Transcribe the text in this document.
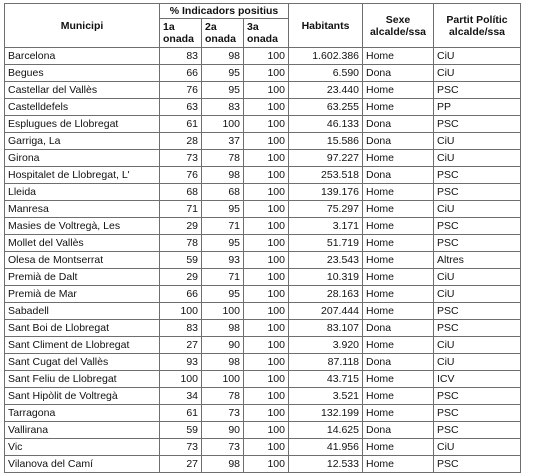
Municipi	% Indicadors positius			Habitants	Sexe alcalde/ssa	Partit Polític alcalde/ssa
	1a onada	2a onada	3a onada			
Barcelona	83	98	100	1.602.386	Home	CiU
Begues	66	95	100	6.590	Dona	CiU
Castellar del Vallès	76	95	100	23.440	Home	PSC
Castelldefels	63	83	100	63.255	Home	PP
Esplugues de Llobregat	61	100	100	46.133	Dona	PSC
Garriga, La	28	37	100	15.586	Dona	CiU
Girona	73	78	100	97.227	Home	CiU
Hospitalet de Llobregat, L'	76	98	100	253.518	Dona	PSC
Lleida	68	68	100	139.176	Home	PSC
Manresa	71	95	100	75.297	Home	CiU
Masies de Voltregà, Les	29	71	100	3.171	Home	PSC
Mollet del Vallès	78	95	100	51.719	Home	PSC
Olesa de Montserrat	59	93	100	23.543	Home	Altres
Premià de Dalt	29	71	100	10.319	Home	CiU
Premià de Mar	66	95	100	28.163	Home	CiU
Sabadell	100	100	100	207.444	Home	PSC
Sant Boi de Llobregat	83	98	100	83.107	Dona	PSC
Sant Climent de Llobregat	27	90	100	3.920	Home	CiU
Sant Cugat del Vallès	93	98	100	87.118	Dona	CiU
Sant Feliu de Llobregat	100	100	100	43.715	Home	ICV
Sant Hipòlit de Voltregà	34	78	100	3.521	Home	PSC
Tarragona	61	73	100	132.199	Home	PSC
Vallirana	59	90	100	14.625	Dona	PSC
Vic	73	73	100	41.956	Home	CiU
Vilanova del Camí	27	98	100	12.533	Home	PSC
